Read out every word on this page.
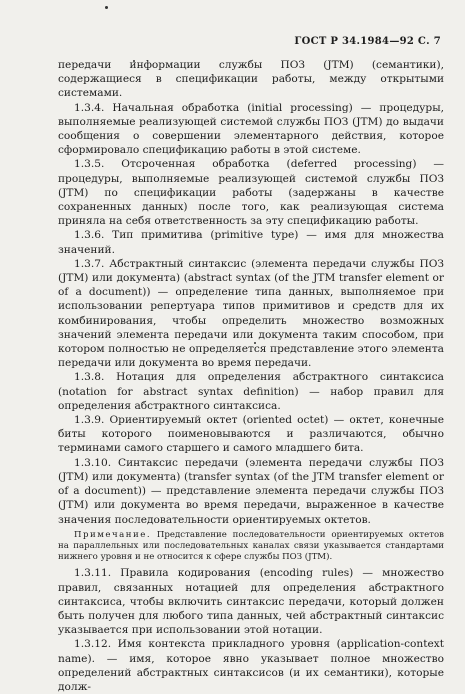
ГОСТ Р 34.1984—92 С. 7

передачи информации службы ПОЗ (JTM) (семантики), содержащиеся в спецификации работы, между открытыми системами.

1.3.4. Начальная обработка (initial processing) — процедуры, выполняемые реализующей системой службы ПОЗ (JTM) до выдачи сообщения о совершении элементарного действия, которое сформировало спецификацию работы в этой системе.

1.3.5. Отсроченная обработка (deferred processing) — процедуры, выполняемые реализующей системой службы ПОЗ (JTM) по спецификации работы (задержаны в качестве сохраненных данных) после того, как реализующая система приняла на себя ответственность за эту спецификацию работы.

1.3.6. Тип примитива (primitive type) — имя для множества значений.

1.3.7. Абстрактный синтаксис (элемента передачи службы ПОЗ (JTM) или документа) (abstract syntax (of the JTM transfer element or of a document)) — определение типа данных, выполняемое при использовании репертуара типов примитивов и средств для их комбинирования, чтобы определить множество возможных значений элемента передачи или документа таким способом, при котором полностью не определяется представление этого элемента передачи или документа во время передачи.

1.3.8. Нотация для определения абстрактного синтаксиса (notation for abstract syntax definition) — набор правил для определения абстрактного синтаксиса.

1.3.9. Ориентируемый октет (oriented octet) — октет, конечные биты которого поименовываются и различаются, обычно терминами самого старшего и самого младшего бита.

1.3.10. Синтаксис передачи (элемента передачи службы ПОЗ (JTM) или документа) (transfer syntax (of the JTM transfer element or of a document)) — представление элемента передачи службы ПОЗ (JTM) или документа во время передачи, выраженное в качестве значения последовательности ориентируемых октетов.

Примечание. Представление последовательности ориентируемых октетов на параллельных или последовательных каналах связи указывается стандартами нижнего уровня и не относится к сфере службы ПОЗ (JTM).

1.3.11. Правила кодирования (encoding rules) — множество правил, связанных нотацией для определения абстрактного синтаксиса, чтобы включить синтаксис передачи, который должен быть получен для любого типа данных, чей абстрактный синтаксис указывается при использовании этой нотации.

1.3.12. Имя контекста прикладного уровня (application-context name). — имя, которое явно указывает полное множество определений абстрактных синтаксисов (и их семантики), которые долж-
